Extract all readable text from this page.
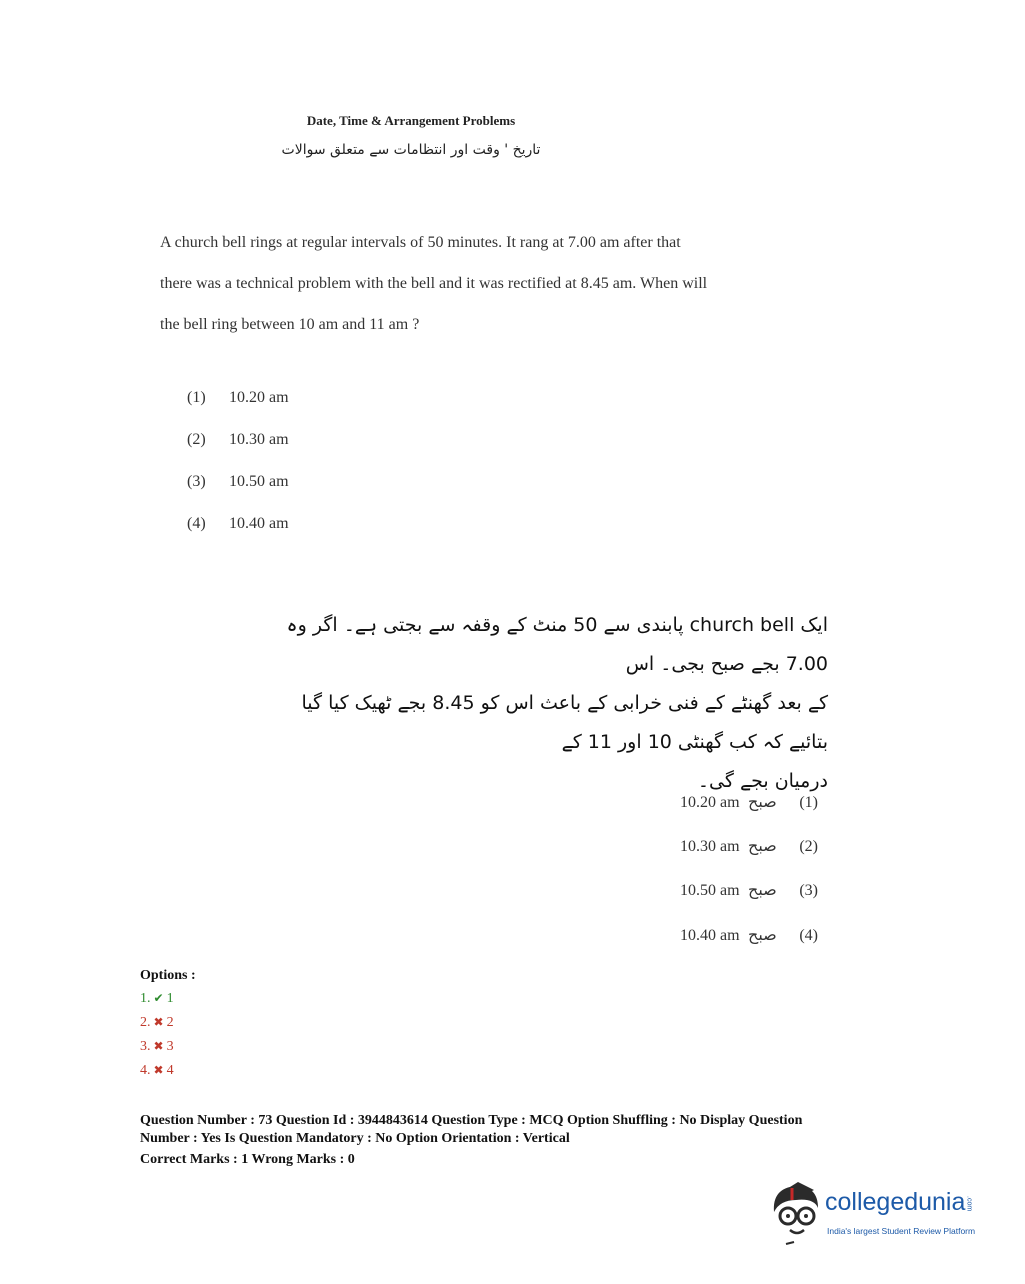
Date, Time & Arrangement Problems
تاریخ ' وقت اور انتظامات سے متعلق سوالات
A church bell rings at regular intervals of 50 minutes. It rang at 7.00 am after that
there was a technical problem with the bell and it was rectified at 8.45 am. When will
the bell ring between 10 am and 11 am ?
(1) 10.20 am
(2) 10.30 am
(3) 10.50 am
(4) 10.40 am
ایک church bell پابندی سے 50 منٹ کے وقفہ سے بجتی ہے۔ اگر وہ 7.00 بجے صبح بجی۔ اس
کے بعد گھنٹے کے فنی خرابی کے باعث اس کو 8.45 بجے ٹھیک کیا گیا بتائیے کہ کب گھنٹی 10 اور 11 کے
درمیان بجے گی۔
10.20 am صبح (1)
10.30 am صبح (2)
10.50 am صبح (3)
10.40 am صبح (4)
Options :
1. ✔ 1
2. ✖ 2
3. ✖ 3
4. ✖ 4
Question Number : 73 Question Id : 3944843614 Question Type : MCQ Option Shuffling : No Display Question
Number : Yes Is Question Mandatory : No Option Orientation : Vertical
Correct Marks : 1 Wrong Marks : 0
collegedunia.com
India's largest Student Review Platform
